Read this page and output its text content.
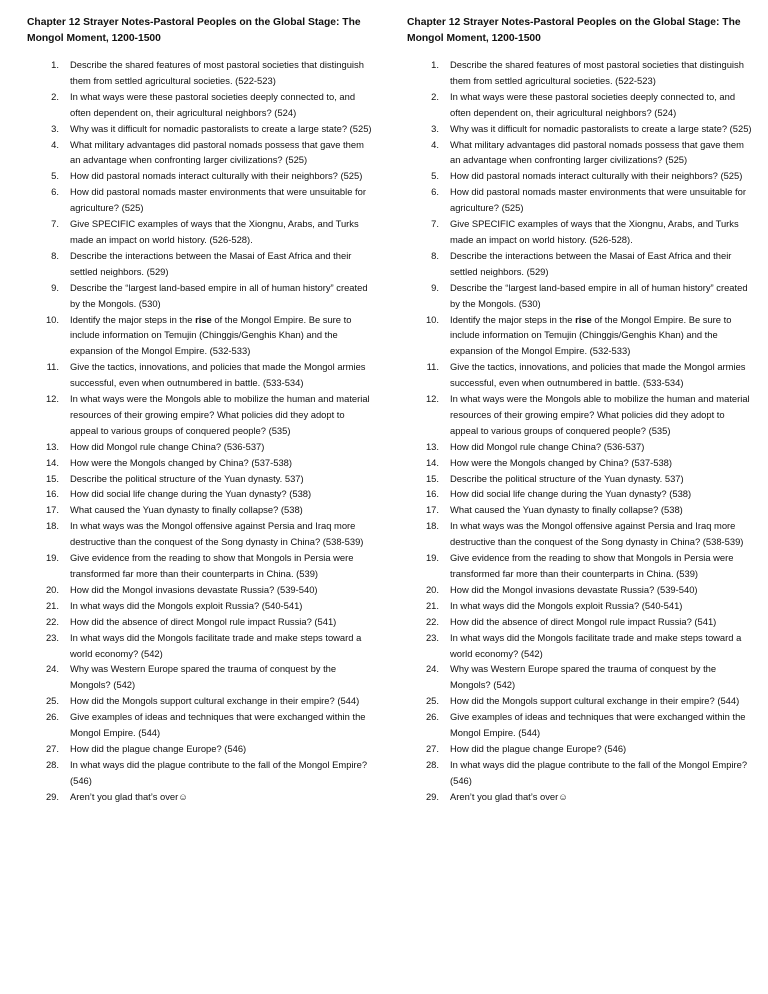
Chapter 12 Strayer Notes-Pastoral Peoples on the Global Stage: The Mongol Moment, 1200-1500
1. Describe the shared features of most pastoral societies that distinguish them from settled agricultural societies. (522-523)
2. In what ways were these pastoral societies deeply connected to, and often dependent on, their agricultural neighbors? (524)
3. Why was it difficult for nomadic pastoralists to create a large state? (525)
4. What military advantages did pastoral nomads possess that gave them an advantage when confronting larger civilizations? (525)
5. How did pastoral nomads interact culturally with their neighbors? (525)
6. How did pastoral nomads master environments that were unsuitable for agriculture? (525)
7. Give SPECIFIC examples of ways that the Xiongnu, Arabs, and Turks made an impact on world history. (526-528).
8. Describe the interactions between the Masai of East Africa and their settled neighbors. (529)
9. Describe the “largest land-based empire in all of human history” created by the Mongols. (530)
10. Identify the major steps in the rise of the Mongol Empire. Be sure to include information on Temujin (Chinggis/Genghis Khan) and the expansion of the Mongol Empire. (532-533)
11. Give the tactics, innovations, and policies that made the Mongol armies successful, even when outnumbered in battle. (533-534)
12. In what ways were the Mongols able to mobilize the human and material resources of their growing empire? What policies did they adopt to appeal to various groups of conquered people? (535)
13. How did Mongol rule change China? (536-537)
14. How were the Mongols changed by China? (537-538)
15. Describe the political structure of the Yuan dynasty. 537)
16. How did social life change during the Yuan dynasty? (538)
17. What caused the Yuan dynasty to finally collapse? (538)
18. In what ways was the Mongol offensive against Persia and Iraq more destructive than the conquest of the Song dynasty in China? (538-539)
19. Give evidence from the reading to show that Mongols in Persia were transformed far more than their counterparts in China. (539)
20. How did the Mongol invasions devastate Russia? (539-540)
21. In what ways did the Mongols exploit Russia? (540-541)
22. How did the absence of direct Mongol rule impact Russia? (541)
23. In what ways did the Mongols facilitate trade and make steps toward a world economy? (542)
24. Why was Western Europe spared the trauma of conquest by the Mongols? (542)
25. How did the Mongols support cultural exchange in their empire? (544)
26. Give examples of ideas and techniques that were exchanged within the Mongol Empire. (544)
27. How did the plague change Europe? (546)
28. In what ways did the plague contribute to the fall of the Mongol Empire? (546)
29. Aren’t you glad that’s over☺
Chapter 12 Strayer Notes-Pastoral Peoples on the Global Stage: The Mongol Moment, 1200-1500
1. Describe the shared features of most pastoral societies that distinguish them from settled agricultural societies. (522-523)
2. In what ways were these pastoral societies deeply connected to, and often dependent on, their agricultural neighbors? (524)
3. Why was it difficult for nomadic pastoralists to create a large state? (525)
4. What military advantages did pastoral nomads possess that gave them an advantage when confronting larger civilizations? (525)
5. How did pastoral nomads interact culturally with their neighbors? (525)
6. How did pastoral nomads master environments that were unsuitable for agriculture? (525)
7. Give SPECIFIC examples of ways that the Xiongnu, Arabs, and Turks made an impact on world history. (526-528).
8. Describe the interactions between the Masai of East Africa and their settled neighbors. (529)
9. Describe the “largest land-based empire in all of human history” created by the Mongols. (530)
10. Identify the major steps in the rise of the Mongol Empire. Be sure to include information on Temujin (Chinggis/Genghis Khan) and the expansion of the Mongol Empire. (532-533)
11. Give the tactics, innovations, and policies that made the Mongol armies successful, even when outnumbered in battle. (533-534)
12. In what ways were the Mongols able to mobilize the human and material resources of their growing empire? What policies did they adopt to appeal to various groups of conquered people? (535)
13. How did Mongol rule change China? (536-537)
14. How were the Mongols changed by China? (537-538)
15. Describe the political structure of the Yuan dynasty. 537)
16. How did social life change during the Yuan dynasty? (538)
17. What caused the Yuan dynasty to finally collapse? (538)
18. In what ways was the Mongol offensive against Persia and Iraq more destructive than the conquest of the Song dynasty in China? (538-539)
19. Give evidence from the reading to show that Mongols in Persia were transformed far more than their counterparts in China. (539)
20. How did the Mongol invasions devastate Russia? (539-540)
21. In what ways did the Mongols exploit Russia? (540-541)
22. How did the absence of direct Mongol rule impact Russia? (541)
23. In what ways did the Mongols facilitate trade and make steps toward a world economy? (542)
24. Why was Western Europe spared the trauma of conquest by the Mongols? (542)
25. How did the Mongols support cultural exchange in their empire? (544)
26. Give examples of ideas and techniques that were exchanged within the Mongol Empire. (544)
27. How did the plague change Europe? (546)
28. In what ways did the plague contribute to the fall of the Mongol Empire? (546)
29. Aren’t you glad that’s over☺
